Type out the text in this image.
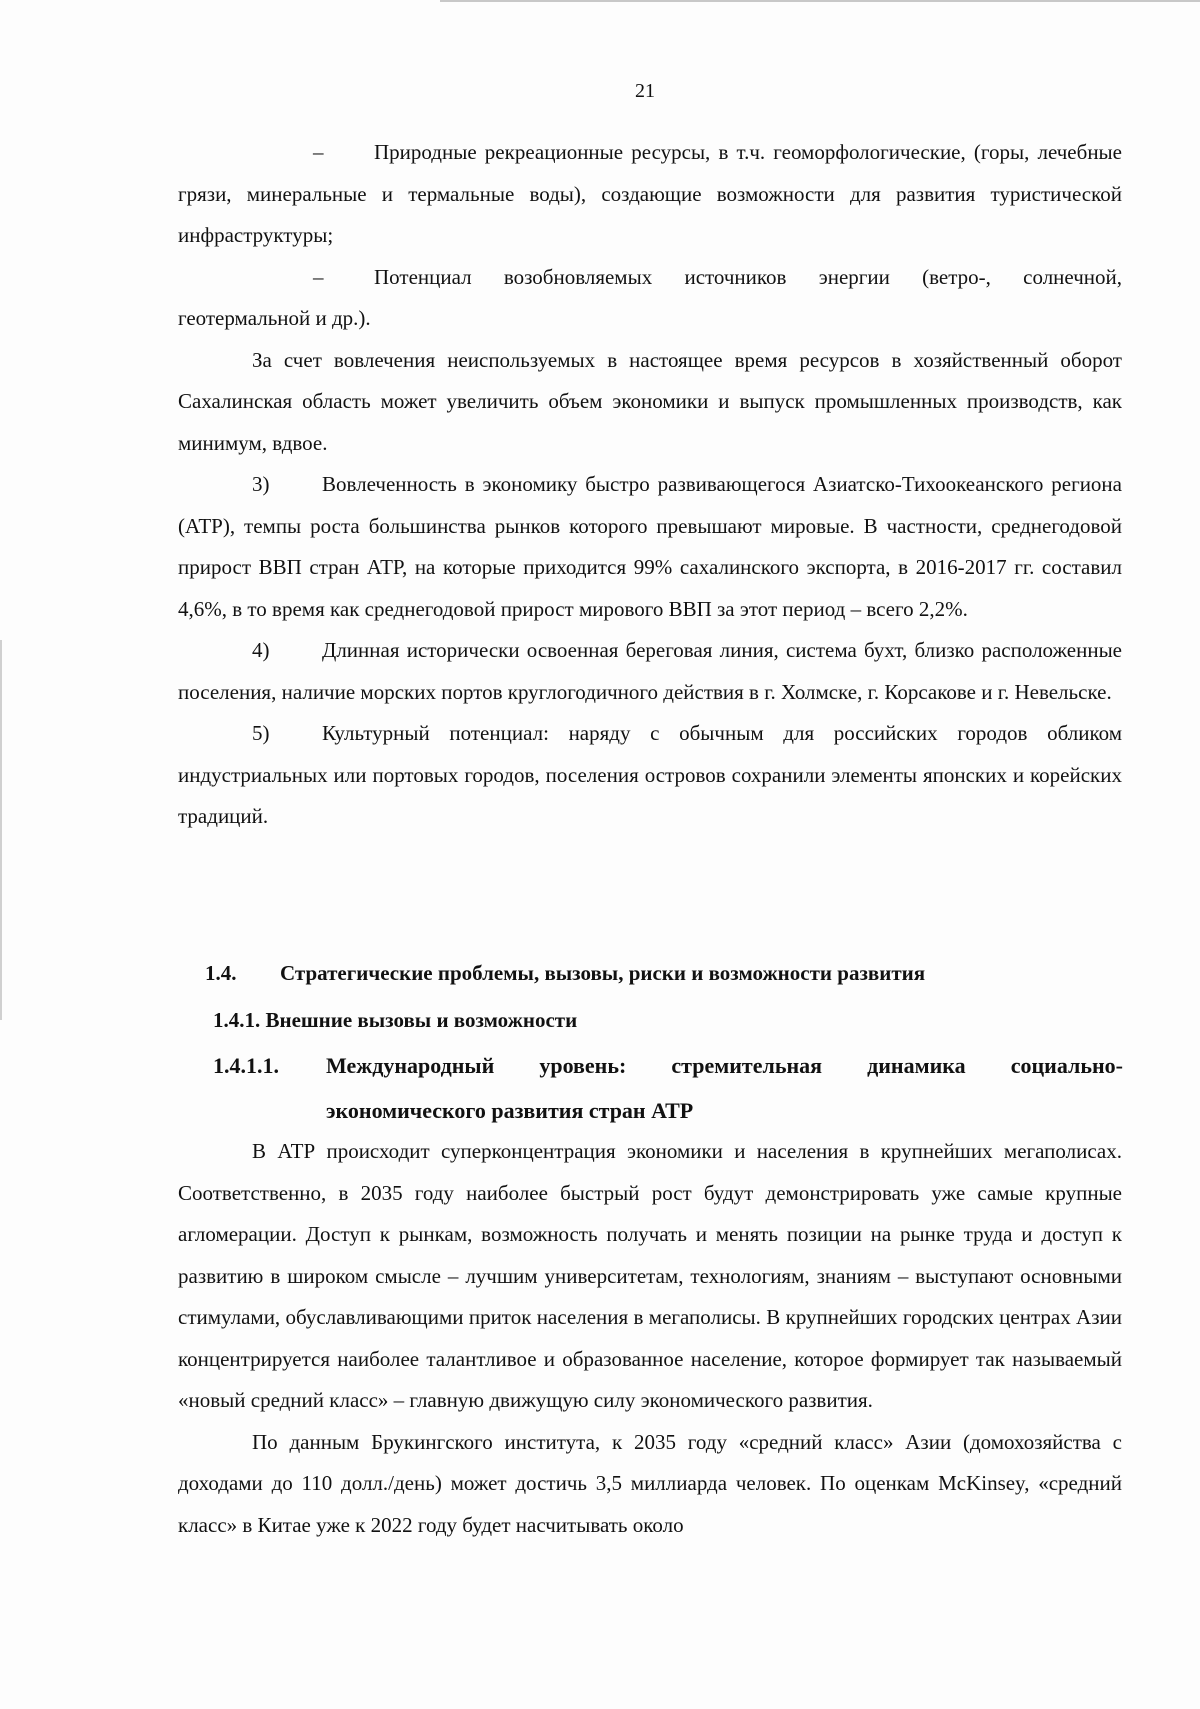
21

– Природные рекреационные ресурсы, в т.ч. геоморфологические, (горы, лечебные грязи, минеральные и термальные воды), создающие возможности для развития туристической инфраструктуры;

– Потенциал возобновляемых источников энергии (ветро-, солнечной, геотермальной и др.).

За счет вовлечения неиспользуемых в настоящее время ресурсов в хозяйственный оборот Сахалинская область может увеличить объем экономики и выпуск промышленных производств, как минимум, вдвое.

3)	Вовлеченность в экономику быстро развивающегося Азиатско-Тихоокеанского региона (АТР), темпы роста большинства рынков которого превышают мировые. В частности, среднегодовой прирост ВВП стран АТР, на которые приходится 99% сахалинского экспорта, в 2016-2017 гг. составил 4,6%, в то время как среднегодовой прирост мирового ВВП за этот период – всего 2,2%.

4)	Длинная исторически освоенная береговая линия, система бухт, близко расположенные поселения, наличие морских портов круглогодичного действия в г. Холмске, г. Корсакове и г. Невельске.

5)	Культурный потенциал: наряду с обычным для российских городов обликом индустриальных или портовых городов, поселения островов сохранили элементы японских и корейских традиций.

1.4. Стратегические проблемы, вызовы, риски и возможности развития
1.4.1. Внешние вызовы и возможности
1.4.1.1. Международный уровень: стремительная динамика социально-экономического развития стран АТР

В АТР происходит суперконцентрация экономики и населения в крупнейших мегаполисах. Соответственно, в 2035 году наиболее быстрый рост будут демонстрировать уже самые крупные агломерации. Доступ к рынкам, возможность получать и менять позиции на рынке труда и доступ к развитию в широком смысле – лучшим университетам, технологиям, знаниям – выступают основными стимулами, обуславливающими приток населения в мегаполисы. В крупнейших городских центрах Азии концентрируется наиболее талантливое и образованное население, которое формирует так называемый «новый средний класс» – главную движущую силу экономического развития.

По данным Брукингского института, к 2035 году «средний класс» Азии (домохозяйства с доходами до 110 долл./день) может достичь 3,5 миллиарда человек. По оценкам McKinsey, «средний класс» в Китае уже к 2022 году будет насчитывать около
